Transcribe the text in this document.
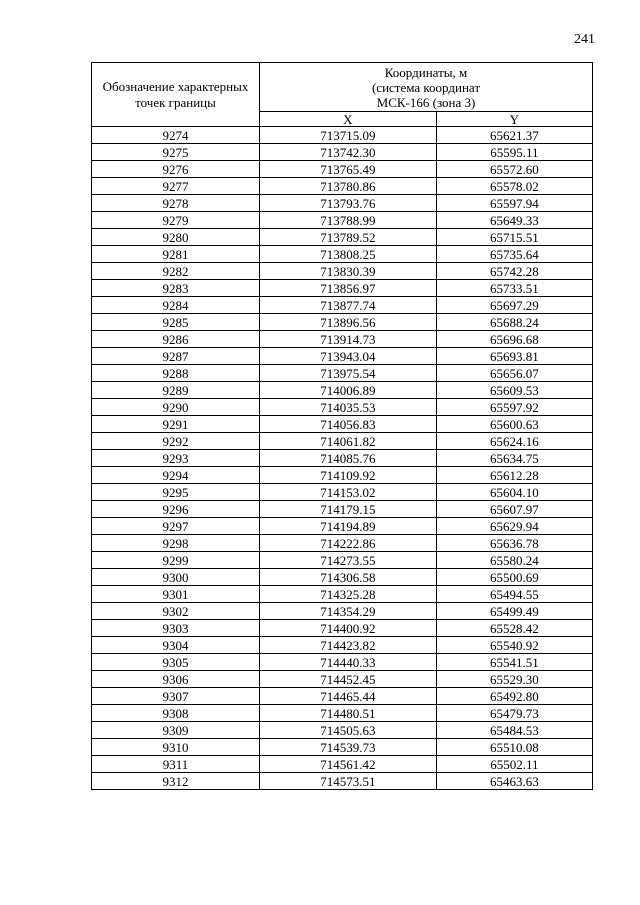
241
Обозначение характерных точек границы	Координаты, м
(система координат
МСК-166 (зона 3)	

	X	Y
9274	713715.09	65621.37
9275	713742.30	65595.11
9276	713765.49	65572.60
9277	713780.86	65578.02
9278	713793.76	65597.94
9279	713788.99	65649.33
9280	713789.52	65715.51
9281	713808.25	65735.64
9282	713830.39	65742.28
9283	713856.97	65733.51
9284	713877.74	65697.29
9285	713896.56	65688.24
9286	713914.73	65696.68
9287	713943.04	65693.81
9288	713975.54	65656.07
9289	714006.89	65609.53
9290	714035.53	65597.92
9291	714056.83	65600.63
9292	714061.82	65624.16
9293	714085.76	65634.75
9294	714109.92	65612.28
9295	714153.02	65604.10
9296	714179.15	65607.97
9297	714194.89	65629.94
9298	714222.86	65636.78
9299	714273.55	65580.24
9300	714306.58	65500.69
9301	714325.28	65494.55
9302	714354.29	65499.49
9303	714400.92	65528.42
9304	714423.82	65540.92
9305	714440.33	65541.51
9306	714452.45	65529.30
9307	714465.44	65492.80
9308	714480.51	65479.73
9309	714505.63	65484.53
9310	714539.73	65510.08
9311	714561.42	65502.11
9312	714573.51	65463.63
